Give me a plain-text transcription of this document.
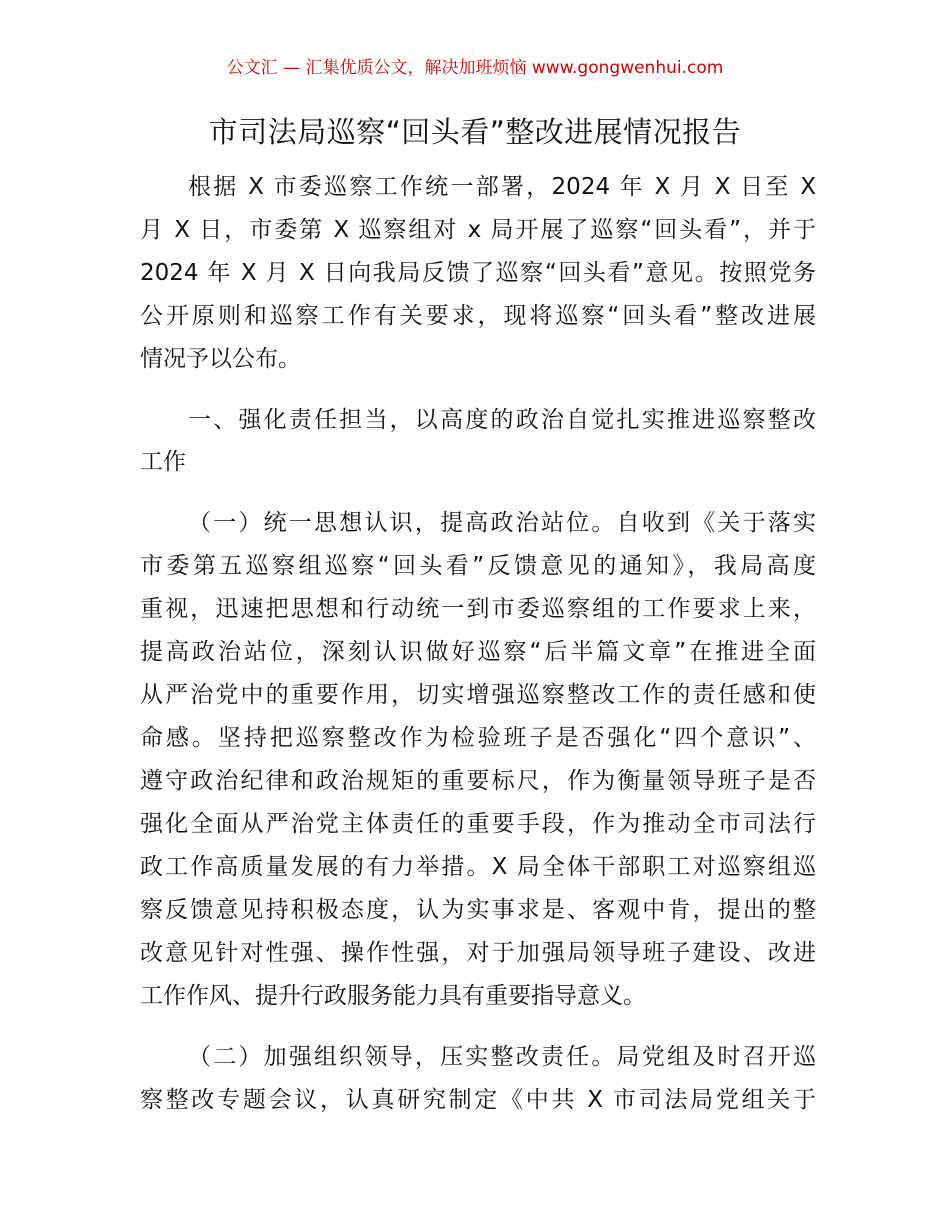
公文汇 — 汇集优质公文，解决加班烦恼 www.gongwenhui.com
市司法局巡察“回头看”整改进展情况报告
根据 X 市委巡察工作统一部署，2024 年 X 月 X 日至 X
月 X 日，市委第 X 巡察组对 x 局开展了巡察“回头看”，并于
2024 年 X 月 X 日向我局反馈了巡察“回头看”意见。按照党务
公开原则和巡察工作有关要求，现将巡察“回头看”整改进展
情况予以公布。
一、强化责任担当，以高度的政治自觉扎实推进巡察整改
工作
（一）统一思想认识，提高政治站位。自收到《关于落实
市委第五巡察组巡察“回头看”反馈意见的通知》，我局高度
重视，迅速把思想和行动统一到市委巡察组的工作要求上来，
提高政治站位，深刻认识做好巡察“后半篇文章”在推进全面
从严治党中的重要作用，切实增强巡察整改工作的责任感和使
命感。坚持把巡察整改作为检验班子是否强化“四个意识”、
遵守政治纪律和政治规矩的重要标尺，作为衡量领导班子是否
强化全面从严治党主体责任的重要手段，作为推动全市司法行
政工作高质量发展的有力举措。X 局全体干部职工对巡察组巡
察反馈意见持积极态度，认为实事求是、客观中肯，提出的整
改意见针对性强、操作性强，对于加强局领导班子建设、改进
工作作风、提升行政服务能力具有重要指导意义。
（二）加强组织领导，压实整改责任。局党组及时召开巡
察整改专题会议，认真研究制定《中共 X 市司法局党组关于
